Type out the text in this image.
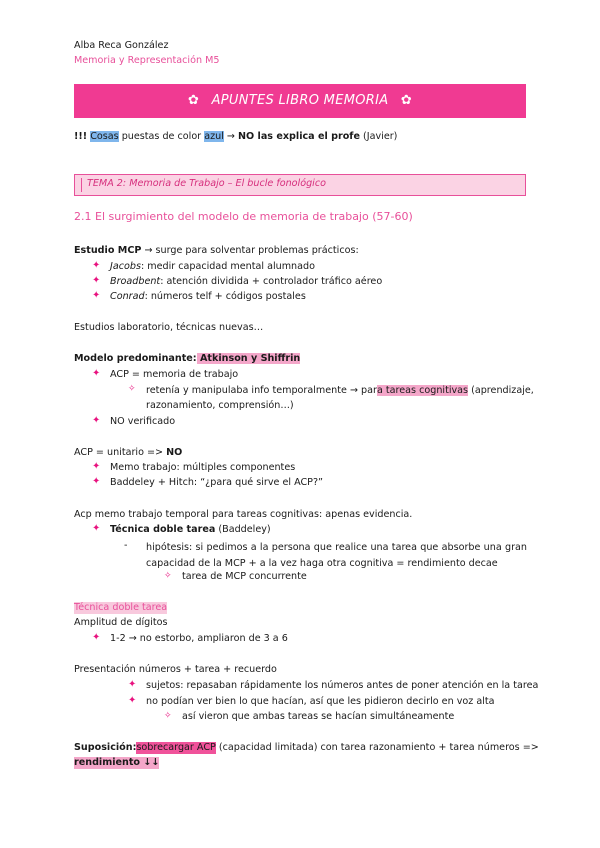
Alba Reca González
Memoria y Representación M5
✿ APUNTES LIBRO MEMORIA ✿
!!! Cosas puestas de color azul → NO las explica el profe (Javier)
TEMA 2: Memoria de Trabajo – El bucle fonológico
2.1 El surgimiento del modelo de memoria de trabajo (57-60)
Estudio MCP → surge para solventar problemas prácticos:
✦ Jacobs: medir capacidad mental alumnado
✦ Broadbent: atención dividida + controlador tráfico aéreo
✦ Conrad: números telf + códigos postales
Estudios laboratorio, técnicas nuevas…
Modelo predominante: Atkinson y Shiffrin
✦ ACP = memoria de trabajo
✧ retenía y manipulaba info temporalmente → para tareas cognitivas (aprendizaje,
razonamiento, comprensión…)
✦ NO verificado
ACP = unitario => NO
✦ Memo trabajo: múltiples componentes
✦ Baddeley + Hitch: “¿para qué sirve el ACP?”
Acp memo trabajo temporal para tareas cognitivas: apenas evidencia.
✦ Técnica doble tarea (Baddeley)
- hipótesis: si pedimos a la persona que realice una tarea que absorbe una gran capacidad de la MCP + a la vez haga otra cognitiva = rendimiento decae
✧ tarea de MCP concurrente
Técnica doble tarea
Amplitud de dígitos
✦ 1-2 → no estorbo, ampliaron de 3 a 6
Presentación números + tarea + recuerdo
✦ sujetos: repasaban rápidamente los números antes de poner atención en la tarea
✦ no podían ver bien lo que hacían, así que les pidieron decirlo en voz alta
✧ así vieron que ambas tareas se hacían simultáneamente
Suposición: sobrecargar ACP (capacidad limitada) con tarea razonamiento + tarea números =>
rendimiento ↓↓
